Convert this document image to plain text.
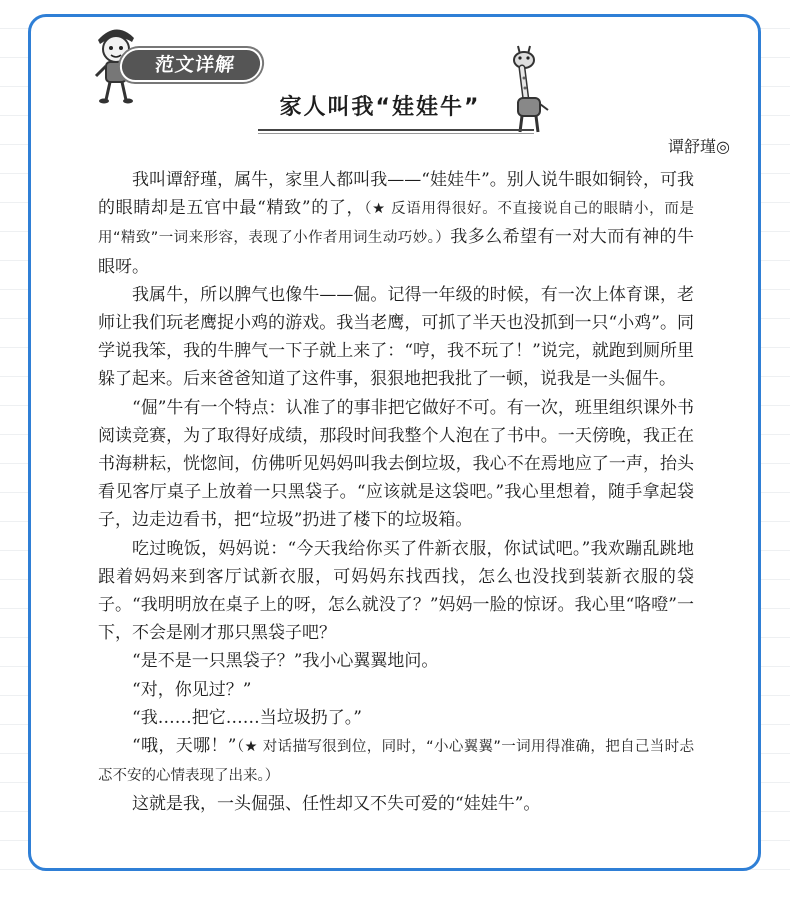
范文详解
家人叫我“娃娃牛”
谭舒瑾◎

我叫谭舒瑾，属牛，家里人都叫我——“娃娃牛”。别人说牛眼如铜铃，可我的眼睛却是五官中最“精致”的了，（★ 反语用得很好。不直接说自己的眼睛小，而是用“精致”一词来形容，表现了小作者用词生动巧妙。）我多么希望有一对大而有神的牛眼呀。

我属牛，所以脾气也像牛——倔。记得一年级的时候，有一次上体育课，老师让我们玩老鹰捉小鸡的游戏。我当老鹰，可抓了半天也没抓到一只“小鸡”。同学说我笨，我的牛脾气一下子就上来了：“哼，我不玩了！”说完，就跑到厕所里躲了起来。后来爸爸知道了这件事，狠狠地把我批了一顿，说我是一头倔牛。

“倔”牛有一个特点：认准了的事非把它做好不可。有一次，班里组织课外书阅读竞赛，为了取得好成绩，那段时间我整个人泡在了书中。一天傍晚，我正在书海耕耘，恍惚间，仿佛听见妈妈叫我去倒垃圾，我心不在焉地应了一声，抬头看见客厅桌子上放着一只黑袋子。“应该就是这袋吧。”我心里想着，随手拿起袋子，边走边看书，把“垃圾”扔进了楼下的垃圾箱。

吃过晚饭，妈妈说：“今天我给你买了件新衣服，你试试吧。”我欢蹦乱跳地跟着妈妈来到客厅试新衣服，可妈妈东找西找，怎么也没找到装新衣服的袋子。“我明明放在桌子上的呀，怎么就没了？”妈妈一脸的惊讶。我心里“咯噔”一下，不会是刚才那只黑袋子吧？

“是不是一只黑袋子？”我小心翼翼地问。

“对，你见过？”

“我……把它……当垃圾扔了。”

“哦，天哪！”（★ 对话描写很到位，同时，“小心翼翼”一词用得准确，把自己当时忐忑不安的心情表现了出来。）

这就是我，一头倔强、任性却又不失可爱的“娃娃牛”。
